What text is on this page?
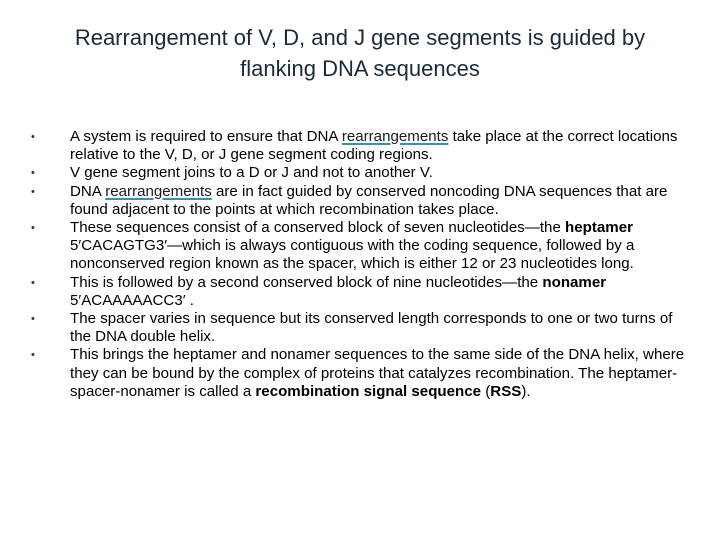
Rearrangement of V, D, and J gene segments is guided by flanking DNA sequences
• A system is required to ensure that DNA rearrangements take place at the correct locations relative to the V, D, or J gene segment coding regions.
• V gene segment joins to a D or J and not to another V.
• DNA rearrangements are in fact guided by conserved noncoding DNA sequences that are found adjacent to the points at which recombination takes place.
• These sequences consist of a conserved block of seven nucleotides—the heptamer 5′CACAGTG3′—which is always contiguous with the coding sequence, followed by a nonconserved region known as the spacer, which is either 12 or 23 nucleotides long.
• This is followed by a second conserved block of nine nucleotides—the nonamer 5′ACAAAAACC3′ .
• The spacer varies in sequence but its conserved length corresponds to one or two turns of the DNA double helix.
• This brings the heptamer and nonamer sequences to the same side of the DNA helix, where they can be bound by the complex of proteins that catalyzes recombination. The heptamer-spacer-nonamer is called a recombination signal sequence (RSS).
